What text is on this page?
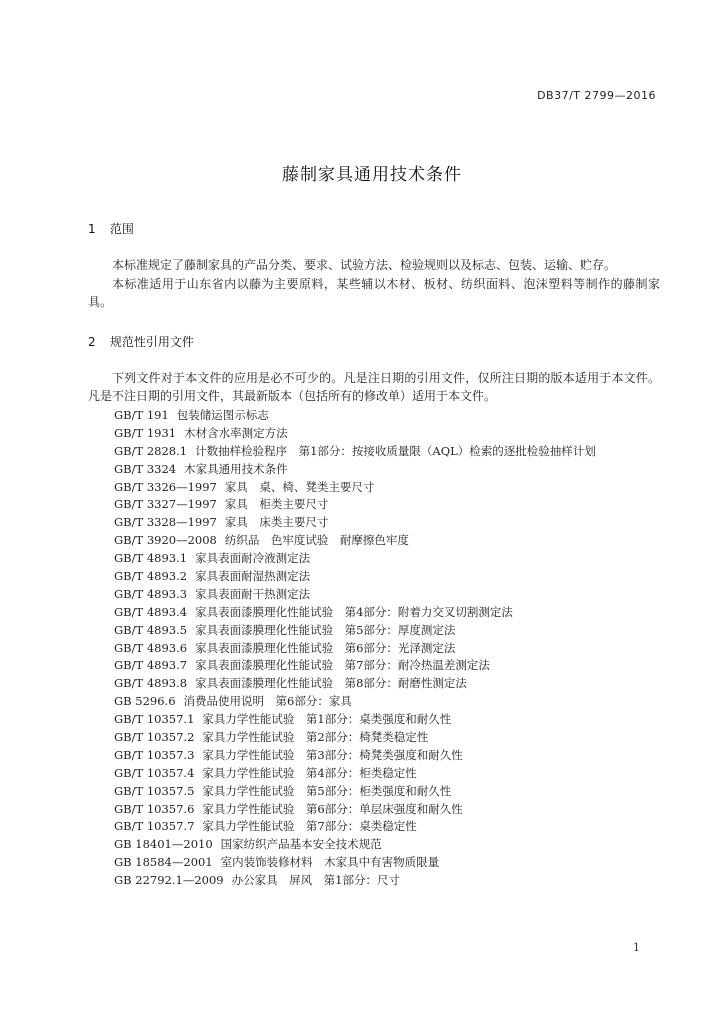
DB37/T 2799—2016
藤制家具通用技术条件
1 范围
本标准规定了藤制家具的产品分类、要求、试验方法、检验规则以及标志、包装、运输、贮存。
本标准适用于山东省内以藤为主要原料，某些辅以木材、板材、纺织面料、泡沫塑料等制作的藤制家具。
2 规范性引用文件
下列文件对于本文件的应用是必不可少的。凡是注日期的引用文件，仅所注日期的版本适用于本文件。凡是不注日期的引用文件，其最新版本（包括所有的修改单）适用于本文件。
GB/T 191 包装储运图示标志
GB/T 1931 木材含水率测定方法
GB/T 2828.1 计数抽样检验程序　第1部分：按接收质量限（AQL）检索的逐批检验抽样计划
GB/T 3324 木家具通用技术条件
GB/T 3326—1997 家具　桌、椅、凳类主要尺寸
GB/T 3327—1997 家具　柜类主要尺寸
GB/T 3328—1997 家具　床类主要尺寸
GB/T 3920—2008 纺织品　色牢度试验　耐摩擦色牢度
GB/T 4893.1 家具表面耐冷液测定法
GB/T 4893.2 家具表面耐湿热测定法
GB/T 4893.3 家具表面耐干热测定法
GB/T 4893.4 家具表面漆膜理化性能试验　第4部分：附着力交叉切割测定法
GB/T 4893.5 家具表面漆膜理化性能试验　第5部分：厚度测定法
GB/T 4893.6 家具表面漆膜理化性能试验　第6部分：光泽测定法
GB/T 4893.7 家具表面漆膜理化性能试验　第7部分：耐冷热温差测定法
GB/T 4893.8 家具表面漆膜理化性能试验　第8部分：耐磨性测定法
GB 5296.6 消费品使用说明　第6部分：家具
GB/T 10357.1 家具力学性能试验　第1部分：桌类强度和耐久性
GB/T 10357.2 家具力学性能试验　第2部分：椅凳类稳定性
GB/T 10357.3 家具力学性能试验　第3部分：椅凳类强度和耐久性
GB/T 10357.4 家具力学性能试验　第4部分：柜类稳定性
GB/T 10357.5 家具力学性能试验　第5部分：柜类强度和耐久性
GB/T 10357.6 家具力学性能试验　第6部分：单层床强度和耐久性
GB/T 10357.7 家具力学性能试验　第7部分：桌类稳定性
GB 18401—2010 国家纺织产品基本安全技术规范
GB 18584—2001 室内装饰装修材料　木家具中有害物质限量
GB 22792.1—2009 办公家具　屏风　第1部分：尺寸
1
